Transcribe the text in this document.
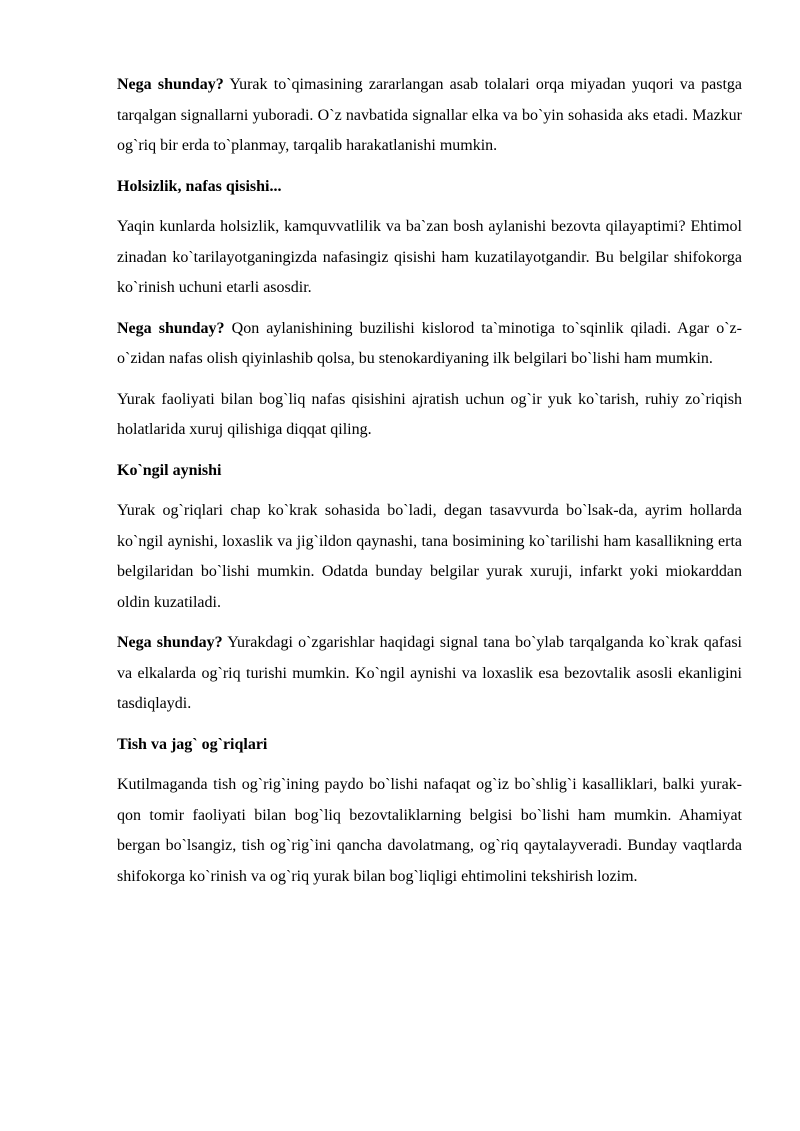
Nega shunday? Yurak to`qimasining zararlangan asab tolalari orqa miyadan yuqori va pastga tarqalgan signallarni yuboradi. O`z navbatida signallar elka va bo`yin sohasida aks etadi. Mazkur og`riq bir erda to`planmay, tarqalib harakatlanishi mumkin.

Holsizlik, nafas qisishi...

Yaqin kunlarda holsizlik, kamquvvatlilik va ba`zan bosh aylanishi bezovta qilayaptimi? Ehtimol zinadan ko`tarilayotganingizda nafasingiz qisishi ham kuzatilayotgandir. Bu belgilar shifokorga ko`rinish uchuni etarli asosdir.

Nega shunday? Qon aylanishining buzilishi kislorod ta`minotiga to`sqinlik qiladi. Agar o`z-o`zidan nafas olish qiyinlashib qolsa, bu stenokardiyaning ilk belgilari bo`lishi ham mumkin.

Yurak faoliyati bilan bog`liq nafas qisishini ajratish uchun og`ir yuk ko`tarish, ruhiy zo`riqish holatlarida xuruj qilishiga diqqat qiling.

Ko`ngil aynishi

Yurak og`riqlari chap ko`krak sohasida bo`ladi, degan tasavvurda bo`lsak-da, ayrim hollarda ko`ngil aynishi, loxaslik va jig`ildon qaynashi, tana bosimining ko`tarilishi ham kasallikning erta belgilaridan bo`lishi mumkin. Odatda bunday belgilar yurak xuruji, infarkt yoki miokarddan oldin kuzatiladi.

Nega shunday? Yurakdagi o`zgarishlar haqidagi signal tana bo`ylab tarqalganda ko`krak qafasi va elkalarda og`riq turishi mumkin. Ko`ngil aynishi va loxaslik esa bezovtalik asosli ekanligini tasdiqlaydi.

Tish va jag` og`riqlari

Kutilmaganda tish og`rig`ining paydo bo`lishi nafaqat og`iz bo`shlig`i kasalliklari, balki yurak-qon tomir faoliyati bilan bog`liq bezovtaliklarning belgisi bo`lishi ham mumkin. Ahamiyat bergan bo`lsangiz, tish og`rig`ini qancha davolatmang, og`riq qaytalayveradi. Bunday vaqtlarda shifokorga ko`rinish va og`riq yurak bilan bog`liqligi ehtimolini tekshirish lozim.
